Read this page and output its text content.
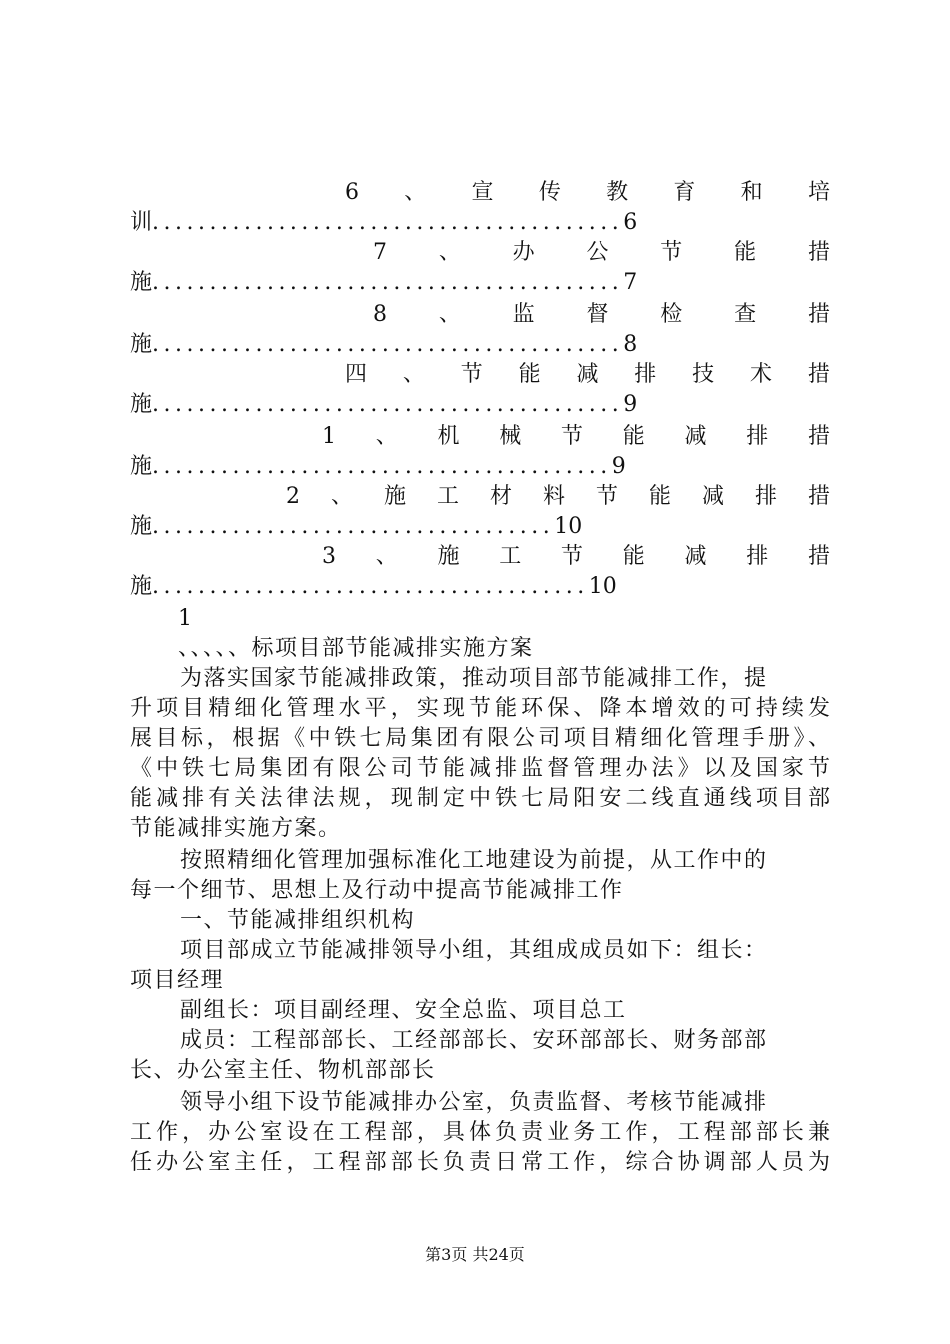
6 、 宣 传 教 育 和 培
训.........................................6
7 、 办 公 节 能 措
施.........................................7
8 、 监 督 检 查 措
施.........................................8
四 、 节 能 减 排 技 术 措
施.........................................9
1 、 机 械 节 能 减 排 措
施........................................9
2 、 施 工 材 料 节 能 减 排 措
施...................................10
3 、 施 工 节 能 减 排 措
施......................................10
1
、、、、、标项目部节能减排实施方案
为落实国家节能减排政策，推动项目部节能减排工作，提
升项目精细化管理水平，实现节能环保、降本增效的可持续发
展目标，根据《中铁七局集团有限公司项目精细化管理手册》、
《中铁七局集团有限公司节能减排监督管理办法》以及国家节
能减排有关法律法规，现制定中铁七局阳安二线直通线项目部
节能减排实施方案。
按照精细化管理加强标准化工地建设为前提，从工作中的
每一个细节、思想上及行动中提高节能减排工作
一、节能减排组织机构
项目部成立节能减排领导小组，其组成成员如下：组长：
项目经理
副组长：项目副经理、安全总监、项目总工
成员：工程部部长、工经部部长、安环部部长、财务部部
长、办公室主任、物机部部长
领导小组下设节能减排办公室，负责监督、考核节能减排
工作，办公室设在工程部，具体负责业务工作，工程部部长兼
任办公室主任，工程部部长负责日常工作，综合协调部人员为
第3页 共24页
